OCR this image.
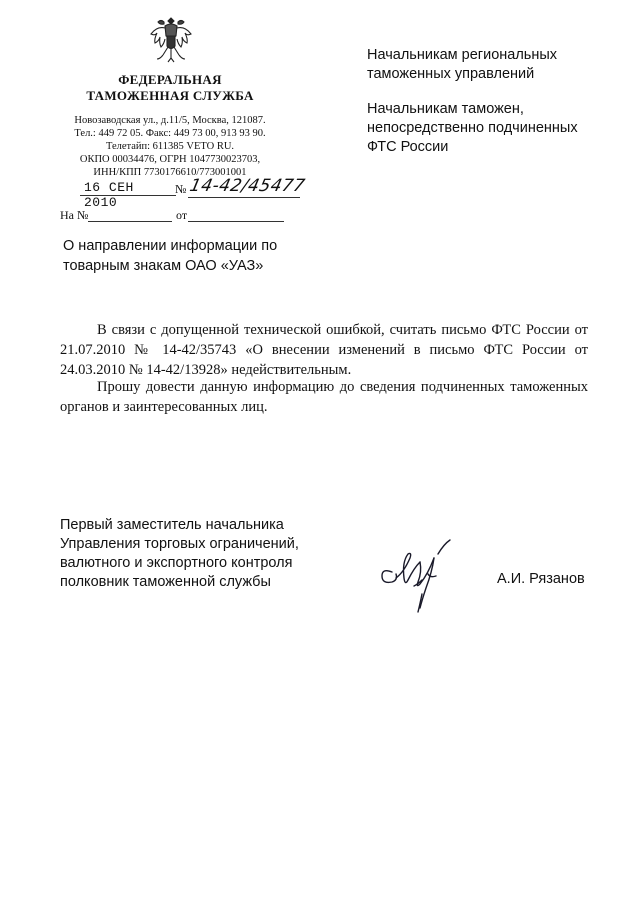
ФЕДЕРАЛЬНАЯ
ТАМОЖЕННАЯ СЛУЖБА
Новозаводская ул., д.11/5, Москва, 121087.
Тел.: 449 72 05. Факс: 449 73 00, 913 93 90.
Телетайп: 611385 VETO RU.
ОКПО 00034476, ОГРН 1047730023703,
ИНН/КПП 7730176610/773001001
16 СЕН 2010
№ 14-42/45477
На №	от
О направлении информации по
товарным знакам ОАО «УАЗ»
Начальникам региональных
таможенных управлений
Начальникам таможен,
непосредственно подчиненных
ФТС России

В связи с допущенной технической ошибкой, считать письмо ФТС России от 21.07.2010 № 14-42/35743 «О внесении изменений в письмо ФТС России от 24.03.2010 № 14-42/13928» недействительным.

Прошу довести данную информацию до сведения подчиненных таможенных органов и заинтересованных лиц.

Первый заместитель начальника
Управления торговых ограничений,
валютного и экспортного контроля
полковник таможенной службы	А.И. Рязанов
